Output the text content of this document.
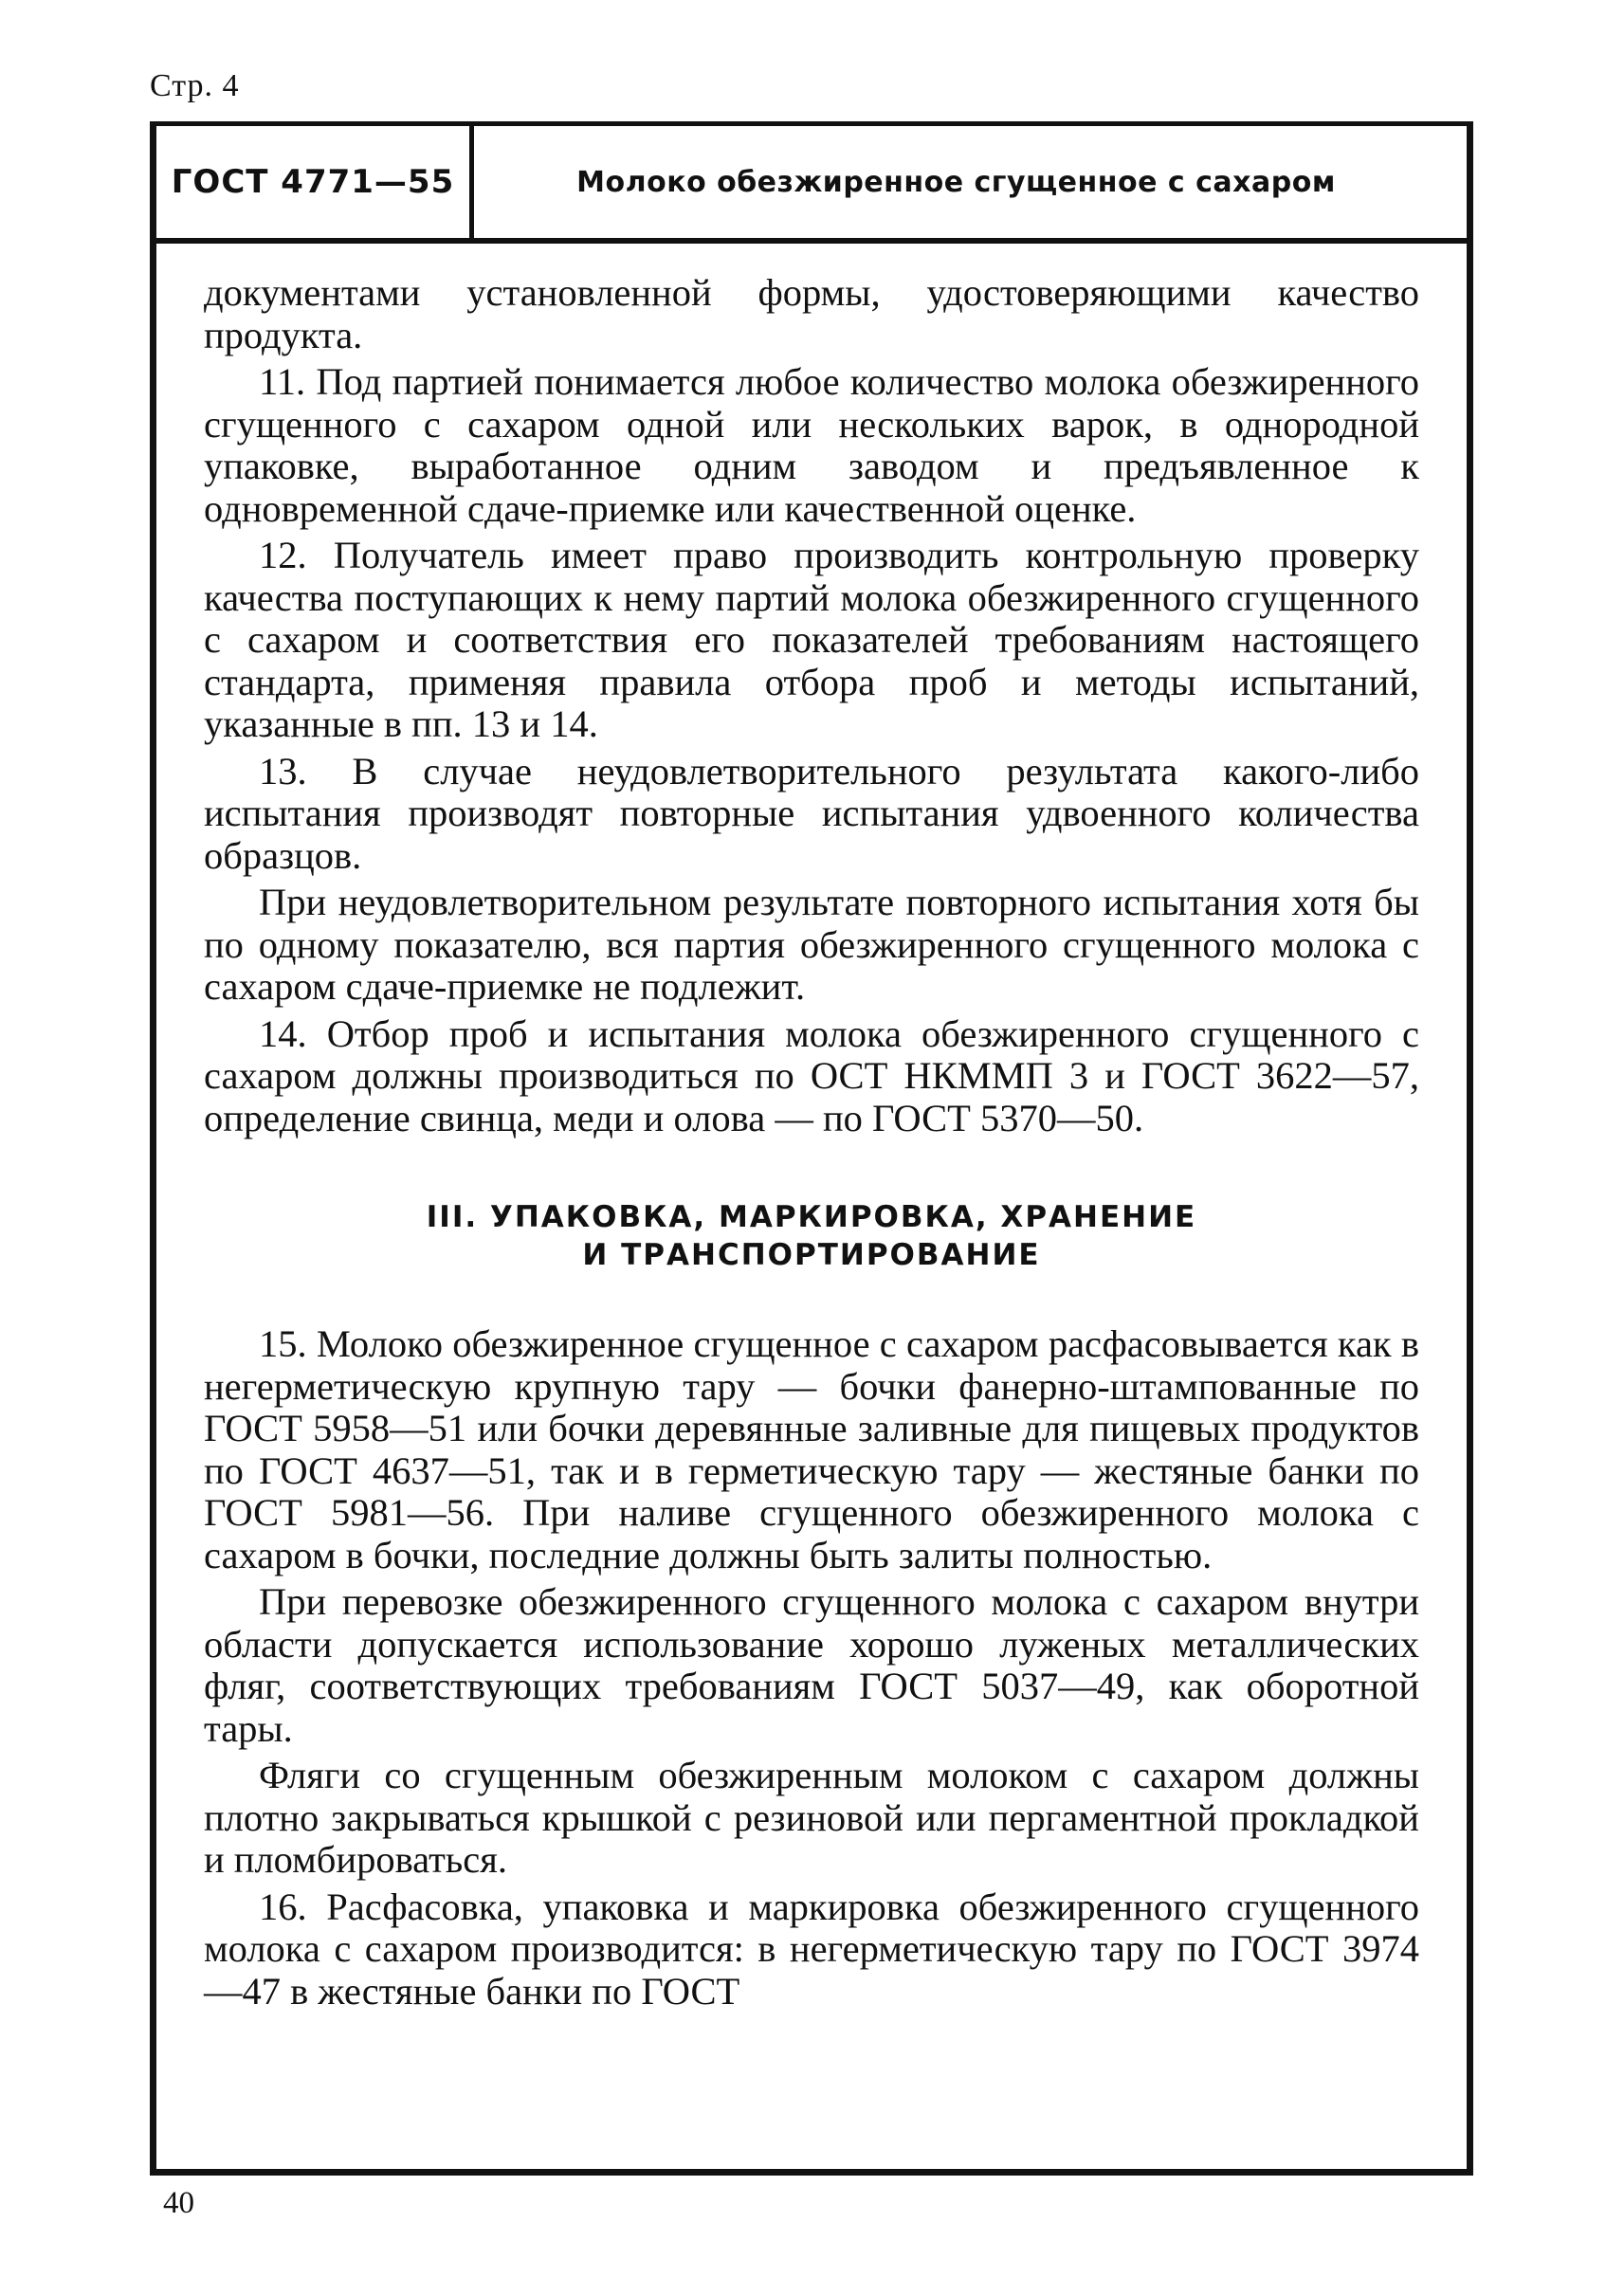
Стр. 4
ГОСТ 4771—55	Молоко обезжиренное сгущенное с сахаром

документами установленной формы, удостоверяющими качество продукта.

11. Под партией понимается любое количество молока обезжиренного сгущенного с сахаром одной или нескольких варок, в однородной упаковке, выработанное одним заводом и предъявленное к одновременной сдаче-приемке или качественной оценке.

12. Получатель имеет право производить контрольную проверку качества поступающих к нему партий молока обезжиренного сгущенного с сахаром и соответствия его показателей требованиям настоящего стандарта, применяя правила отбора проб и методы испытаний, указанные в пп. 13 и 14.

13. В случае неудовлетворительного результата какого-либо испытания производят повторные испытания удвоенного количества образцов.

При неудовлетворительном результате повторного испытания хотя бы по одному показателю, вся партия обезжиренного сгущенного молока с сахаром сдаче-приемке не подлежит.

14. Отбор проб и испытания молока обезжиренного сгущенного с сахаром должны производиться по ОСТ НКММП 3 и ГОСТ 3622—57, определение свинца, меди и олова — по ГОСТ 5370—50.

III. УПАКОВКА, МАРКИРОВКА, ХРАНЕНИЕ
И ТРАНСПОРТИРОВАНИЕ

15. Молоко обезжиренное сгущенное с сахаром расфасовывается как в негерметическую крупную тару — бочки фанерно-штампованные по ГОСТ 5958—51 или бочки деревянные заливные для пищевых продуктов по ГОСТ 4637—51, так и в герметическую тару — жестяные банки по ГОСТ 5981—56. При наливе сгущенного обезжиренного молока с сахаром в бочки, последние должны быть залиты полностью.

При перевозке обезжиренного сгущенного молока с сахаром внутри области допускается использование хорошо луженых металлических фляг, соответствующих требованиям ГОСТ 5037—49, как оборотной тары.

Фляги со сгущенным обезжиренным молоком с сахаром должны плотно закрываться крышкой с резиновой или пергаментной прокладкой и пломбироваться.

16. Расфасовка, упаковка и маркировка обезжиренного сгущенного молока с сахаром производится: в негерметическую тару по ГОСТ 3974—47 в жестяные банки по ГОСТ

40
